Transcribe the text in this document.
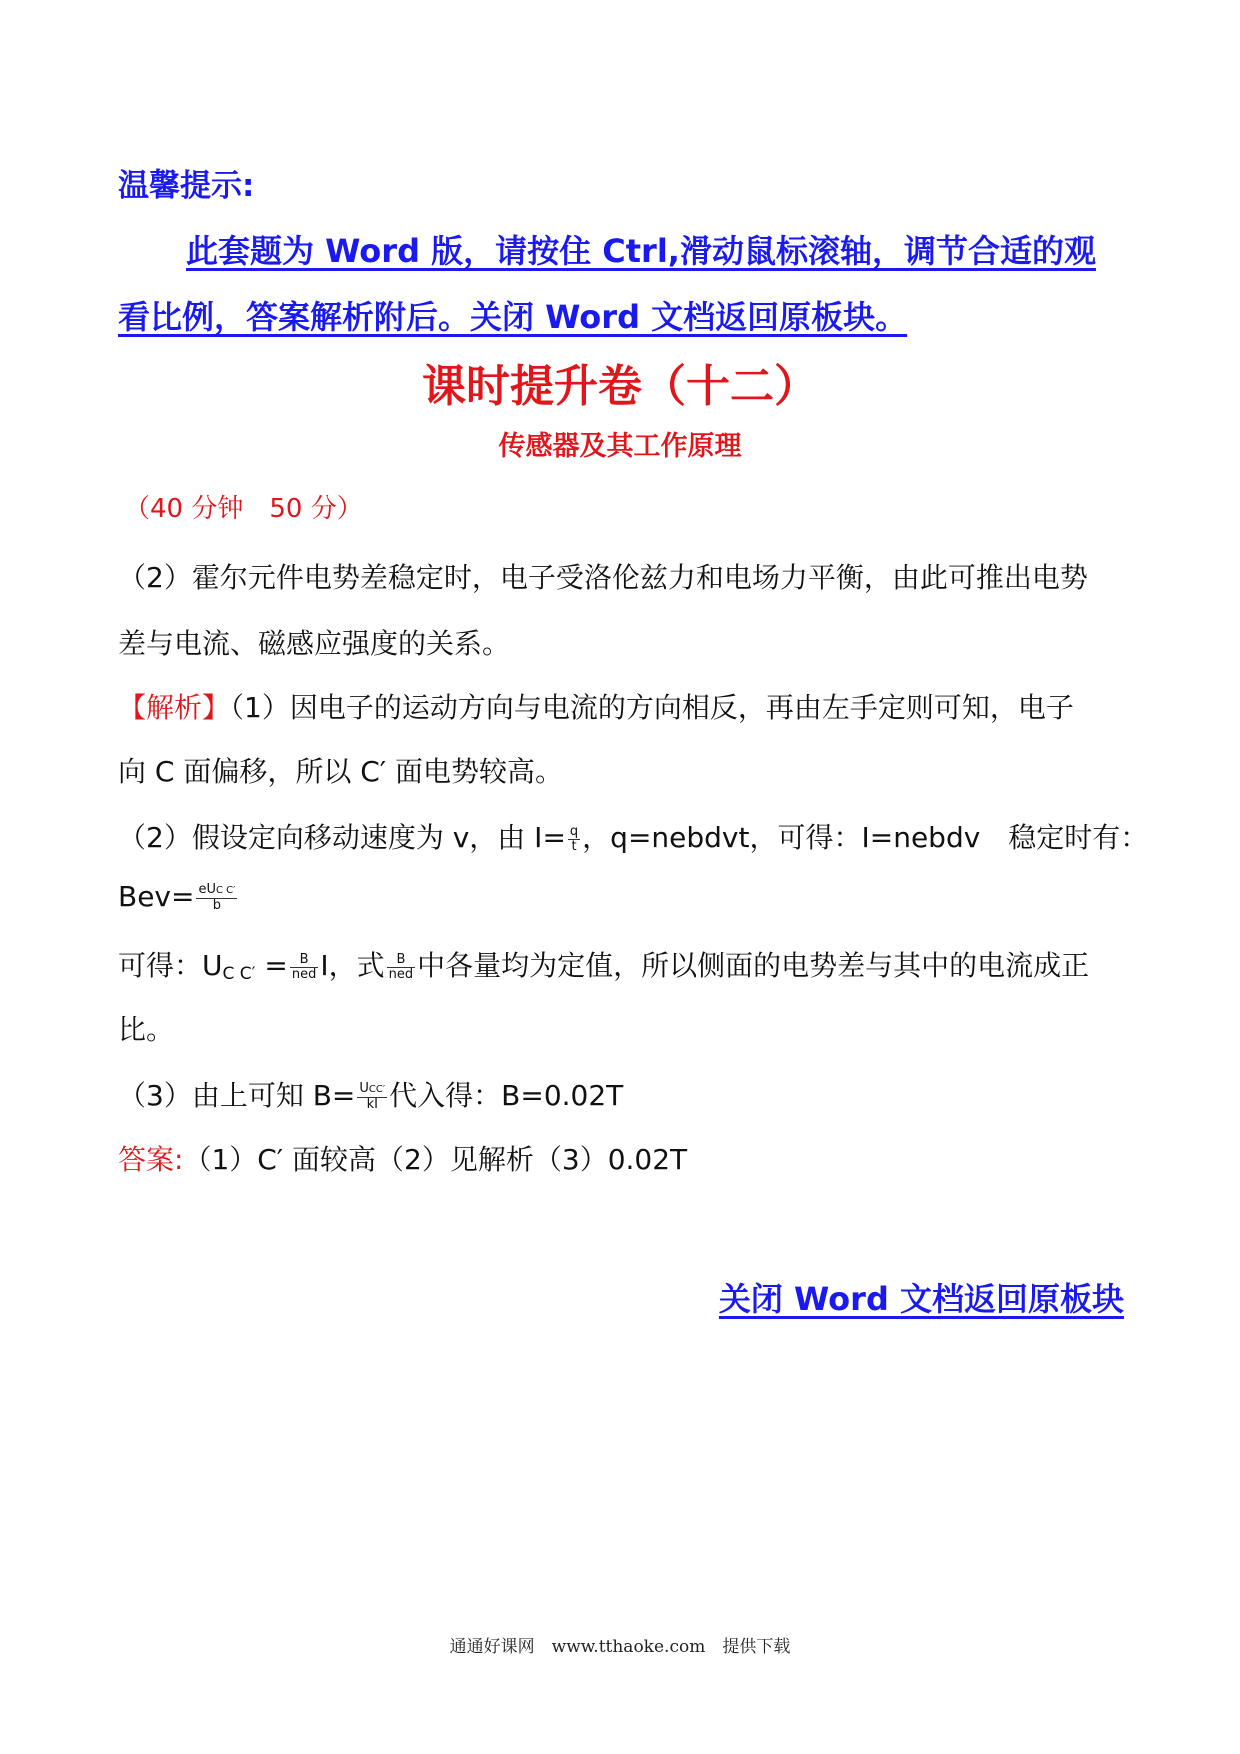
温馨提示:
此套题为 Word 版，请按住 Ctrl,滑动鼠标滚轴，调节合适的观
看比例，答案解析附后。关闭 Word 文档返回原板块。
课时提升卷（十二）
传感器及其工作原理
（40 分钟　50 分）
（2）霍尔元件电势差稳定时，电子受洛伦兹力和电场力平衡，由此可推出电势
差与电流、磁感应强度的关系。
【解析】（1）因电子的运动方向与电流的方向相反，再由左手定则可知，电子
向 C 面偏移，所以 C′ 面电势较高。
（2）假设定向移动速度为 v，由 $I= \frac{q}{t}$ ，q=nebdvt，可得：I=nebdv　稳定时有：
$Bev= \frac{\text{eUC C′}}{b}$
可得：$U_{C C'} = \frac{B}{\text{ned}}$ I，式 $\frac{B}{\text{ned}}$ 中各量均为定值，所以侧面的电势差与其中的电流成正
比。
（3）由上可知 $B= \frac{\text{UCC′}}{kI}$ 代入得：B=0.02T
答案:（1）C′ 面较高（2）见解析（3）0.02T
关闭 Word 文档返回原板块
通通好课网　www.tthaoke.com　提供下载
